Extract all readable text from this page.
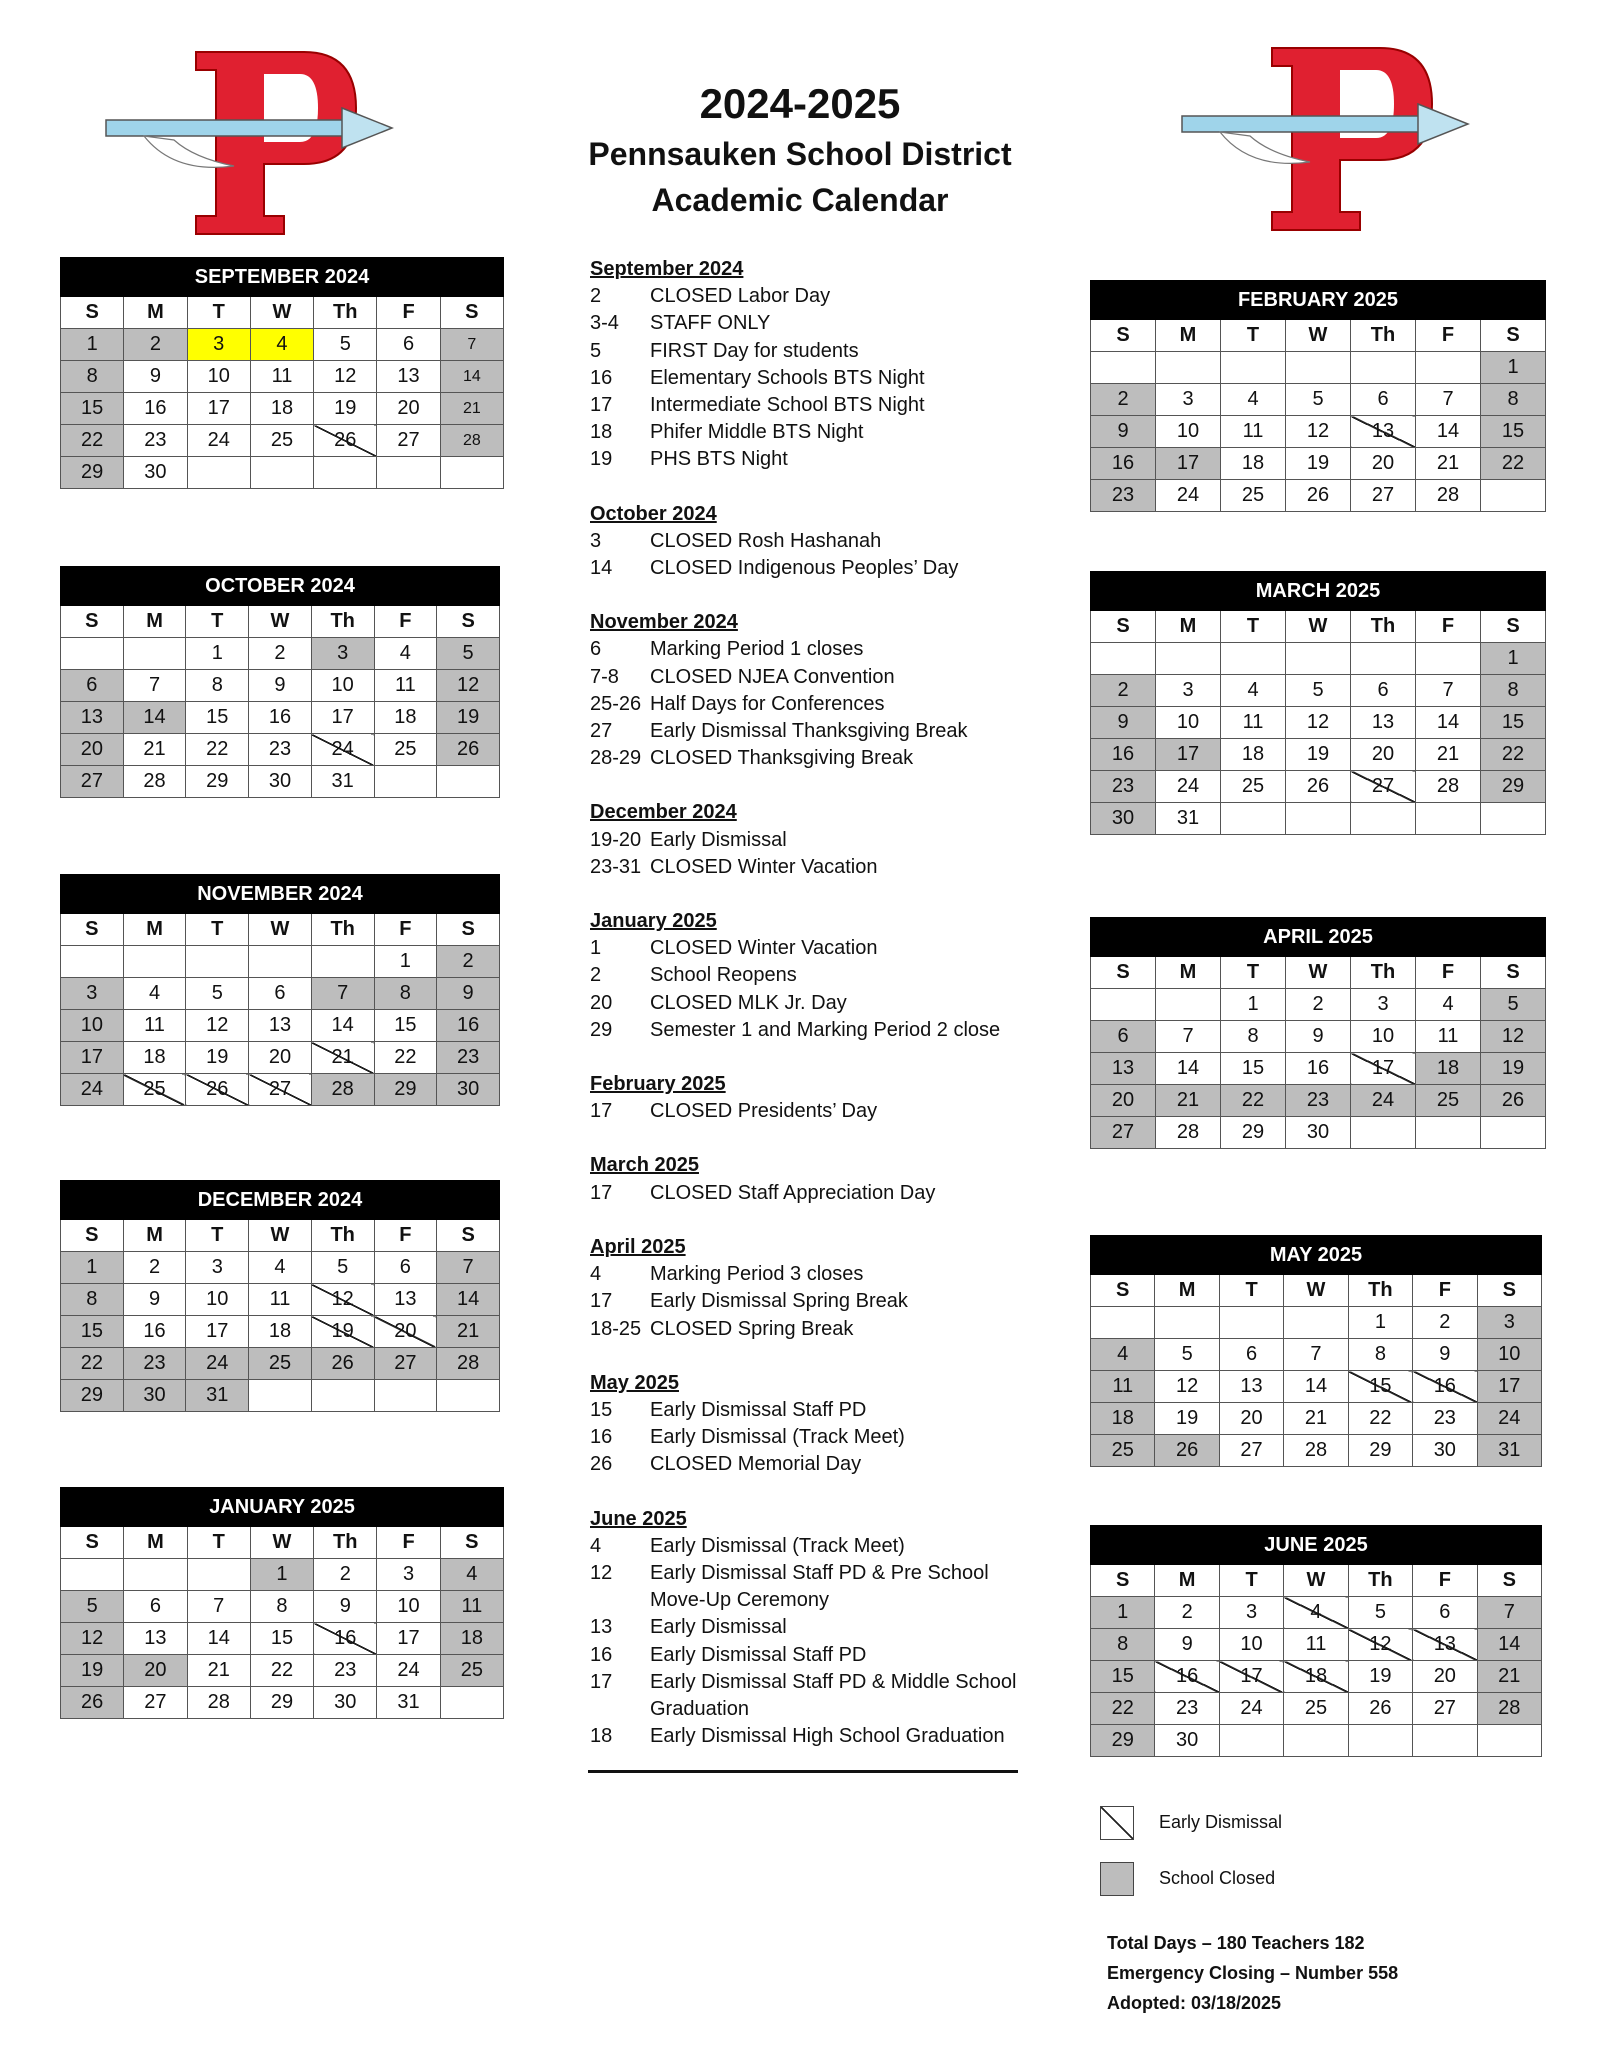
2024-2025
Pennsauken School District
Academic Calendar
SEPTEMBER 2024						
S	M	T	W	Th	F	S
1	2	3	4	5	6	7
8	9	10	11	12	13	14
15	16	17	18	19	20	21
22	23	24	25	26	27	28
29	30					
OCTOBER 2024						
S	M	T	W	Th	F	S
		1	2	3	4	5
6	7	8	9	10	11	12
13	14	15	16	17	18	19
20	21	22	23	24	25	26
27	28	29	30	31		
NOVEMBER 2024						
S	M	T	W	Th	F	S
					1	2
3	4	5	6	7	8	9
10	11	12	13	14	15	16
17	18	19	20	21	22	23
24	25	26	27	28	29	30
DECEMBER 2024						
S	M	T	W	Th	F	S
1	2	3	4	5	6	7
8	9	10	11	12	13	14
15	16	17	18	19	20	21
22	23	24	25	26	27	28
29	30	31				
JANUARY 2025						
S	M	T	W	Th	F	S
			1	2	3	4
5	6	7	8	9	10	11
12	13	14	15	16	17	18
19	20	21	22	23	24	25
26	27	28	29	30	31	
FEBRUARY 2025						
S	M	T	W	Th	F	S
						1
2	3	4	5	6	7	8
9	10	11	12	13	14	15
16	17	18	19	20	21	22
23	24	25	26	27	28	
MARCH 2025						
S	M	T	W	Th	F	S
						1
2	3	4	5	6	7	8
9	10	11	12	13	14	15
16	17	18	19	20	21	22
23	24	25	26	27	28	29
30	31					
APRIL 2025						
S	M	T	W	Th	F	S
		1	2	3	4	5
6	7	8	9	10	11	12
13	14	15	16	17	18	19
20	21	22	23	24	25	26
27	28	29	30			
MAY 2025						
S	M	T	W	Th	F	S
				1	2	3
4	5	6	7	8	9	10
11	12	13	14	15	16	17
18	19	20	21	22	23	24
25	26	27	28	29	30	31
JUNE 2025						
S	M	T	W	Th	F	S
1	2	3	4	5	6	7
8	9	10	11	12	13	14
15	16	17	18	19	20	21
22	23	24	25	26	27	28
29	30					
September 2024
2	CLOSED Labor Day
3-4	STAFF ONLY
5	FIRST Day for students
16	Elementary Schools BTS Night
17	Intermediate School BTS Night
18	Phifer Middle BTS Night
19	PHS BTS Night
October 2024
3	CLOSED Rosh Hashanah
14	CLOSED Indigenous Peoples’ Day
November 2024
6	Marking Period 1 closes
7-8	CLOSED NJEA Convention
25-26 Half Days for Conferences
27	Early Dismissal Thanksgiving Break
28-29 CLOSED Thanksgiving Break
December 2024
19-20 Early Dismissal
23-31 CLOSED Winter Vacation
January 2025
1	CLOSED Winter Vacation
2	School Reopens
20	CLOSED MLK Jr. Day
29	Semester 1 and Marking Period 2 close
February 2025
17	CLOSED Presidents’ Day
March 2025
17	CLOSED Staff Appreciation Day
April 2025
4	Marking Period 3 closes
17	Early Dismissal Spring Break
18-25 CLOSED Spring Break
May 2025
15	Early Dismissal Staff PD
16	Early Dismissal (Track Meet)
26	CLOSED Memorial Day
June 2025
4	Early Dismissal (Track Meet)
12	Early Dismissal Staff PD & Pre School Move-Up Ceremony
13	Early Dismissal
16	Early Dismissal Staff PD
17	Early Dismissal Staff PD & Middle School Graduation
18	Early Dismissal High School Graduation
Early Dismissal
School Closed
Total Days – 180 Teachers 182
Emergency Closing – Number 558
Adopted: 03/18/2025
